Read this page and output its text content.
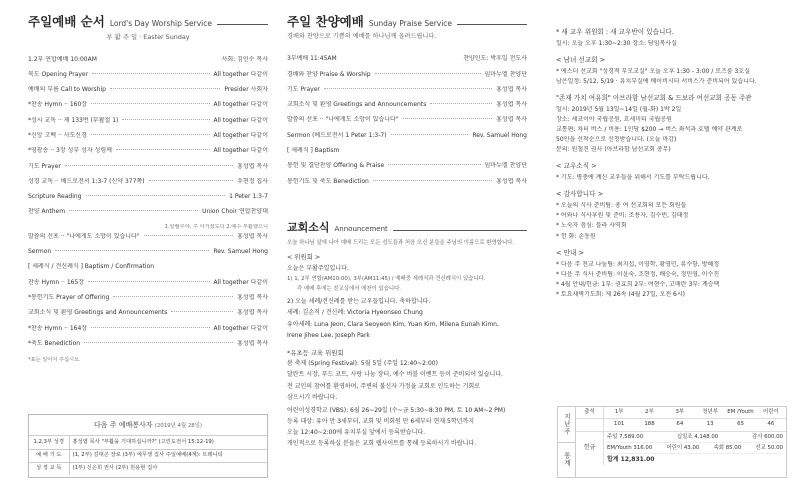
주일예배 순서 Lord's Day Worship Service
부 활 주 일 · Easter Sunday
1.2부 연합예배 10:00AM	사회: 김인수 목사
묵도 Opening Prayer	All together 다같이
예배의 부름 Call to Worship	Presider 사회자
*찬송 Hymn ·· 160장	All together 다같이
*성시 교독 ·· 제 133번 (부활절 1)	All together 다같이
*신앙 고백 ·· 사도신경	All together 다같이
*영광송 ·· 3장 성부 성자 성령께	All together 다같이
기도 Prayer	홍성엽 목사
성경 교독 ·· 베드로전서 1:3-7 (신약 377쪽)	우현정 집사
Scripture Reading	1 Peter 1:3-7
찬양 Anthem	Union Choir 연합찬양대
1.알렐루야, 주 아기셨도다 2.예수 부활했으니
말씀의 선포 ·· "나에게도 소망이 있습니다"	홍성엽 목사
Sermon	Rev. Samuel Hong
[ 세례식 / 견신례식 ] Baptism / Confirmation
찬송 Hymn ·· 165장	All together 다같이
*봉헌기도 Prayer of Offering	홍성엽 목사
교회소식 및 환영 Greetings and Announcements	홍성엽 목사
*찬송 Hymn ·· 164장	All together 다같이
*축도 Benediction	홍성엽 목사
*표는 일어서 주십시오.
다음 주 예배봉사자 (2019년 4월 28일)
1,2,3부 성경	홍성엽 목사 "부활을 기대하십니까?" (고린도전서 15:12-19)
예 배 기 도	(1, 2부) 김대곤 장로 (3부) 예무쟁 집사 주일예배(4계): 트레니티
성 경 교 독	(1부) 신은희 권사 (2부) 원용현 집사
주일 찬양예배 Sunday Praise Service
경배와 찬양으로 기쁨의 예배를 하나님께 올려드립니다.
3부예배 11:45AM	찬양인도: 박후일 전도사
경배와 찬양 Praise & Worship	임마누엘 찬양단
기도 Prayer	홍성엽 목사
교회소식 및 환영 Greetings and Announcements	홍성엽 목사
말씀의 선포 ·· "나에게도 소망이 있습니다"	홍성엽 목사
Sermon (베드로전서 1 Peter 1:3-7)	Rev. Samuel Hong
[ 세례식 ] Baptism
봉헌 및 결단찬양 Offering & Praise	임마누엘 찬양단
봉헌기도 및 축도 Benediction	홍성엽 목사
교회소식 Announcement
오늘 하나님 앞에 나아 예배 드리는 모든 성도들과 처음 오신 분들을 주님의 이름으로 환영합니다.
< 위원회 >
오늘은 부활주일입니다.
1) 1, 2부 연합(AM10:00), 3부(AM11:45) / 예배중 세례식과 견신례식이 있습니다.
각 예배 후에는 친교실에서 애찬이 있습니다.
2) 오늘 세례/견신례를 받는 교우들입니다. 축하합니다.
세례: 김손직 / 견신례: Victoria Hyeonseo Chung
유아세례: Luna Jeon, Clara Seoyeon Kim, Yuan Kim, Milena Eunah Kimn,
Irene Jihee Lee, Joseph Park
*유초등 교육 위원회
봄 축제 (Spring Festival): 5월 5일 (주일 12:40~2:00)
달란트 시장, 푸드 코트, 사랑 나눔 장터, 예수 버블 이벤트 등이 준비되어 있습니다.
전 교인의 참여를 환영하며, 주변의 불신자 가정을 교회로 인도하는 기회로
삼으시기 바랍니다.
어린이성경학교 (VBS): 6월 26~29일 (수~금 5:30~8:30 PM, 토 10 AM~2 PM)
등록 대상: 유아 만 3세부터, 교회 및 비회원 만 6세부터 현재 5학년까지
오늘 12:40~2:00에 유치부실 앞에서 등록받습니다.
개인적으로 등록하실 분들은 교회 웹사이트를 통해 등록하시기 바랍니다.
* 새 교우 위원회 : 새 교우반이 있습니다.
일시: 오늘 오후 1:30~2:30 장소: 담임목사실
< 남녀 선교회 >
* 에스더 선교회 "성경적 부모교실" 오늘 오후 1:30 - 3:00 / 로즈룸 3호실
남은일정: 5/12, 5/19 · 유치부실에 베이비시터 서비스가 준비되어 있습니다.
"존재 가치 여유희" 아브라함 남선교회 & 드보라 여선교회 공동 주관
일시: 2019년 5월 13일~14일 (월-화) 1박 2일
장소: 세코이아 국립공원, 요세미티 국립공원
교통편: 차터 버스 / 비용: 1인당 $200 → 버스 좌석과 호텔 예약 관계로
50인을 선착순으로 신청받습니다. (오늘 마감)
문의: 원철진 권사 (아브라함 남선교회 총무)
< 교우소식 >
* 기도: 병중에 계신 교우들을 위해서 기도를 부탁드립니다.
< 감사합니다 >
* 오늘의 식사 준비팀: 총 여 선교회의 모든 회원들
* 어와나 식사후원 및 준비: 조용자, 김수빈, 김태정
* 노숙자 점심: 블라 사역회
* 헌 화: 손동원
< 안내 >
* 다음 주 친교 나눔팀: 최지섭, 이영학, 황영민, 류수항, 방혜정
* 다음 주 식사 준비팀: 이윤숙, 조현정, 배승숙, 정민영, 이수진
* 4월 안내/헌금: 1부: 권효희 2부: 여현수, 고매란 3부: 계승택
* 토요새벽기도회: 제 26속 (4월 27일, 오전 6시)
지난주
통계
출석	1부	2부	3부	청년부	EM /Youth	어린이
101	188	64	13	65	46
헌금
주일 7,589.00	십일조 4,148.00	감사 600.00
EM/Youth 316.00	어린이 43.00	속회 85.00	선교 50.00
합계 12,831.00
